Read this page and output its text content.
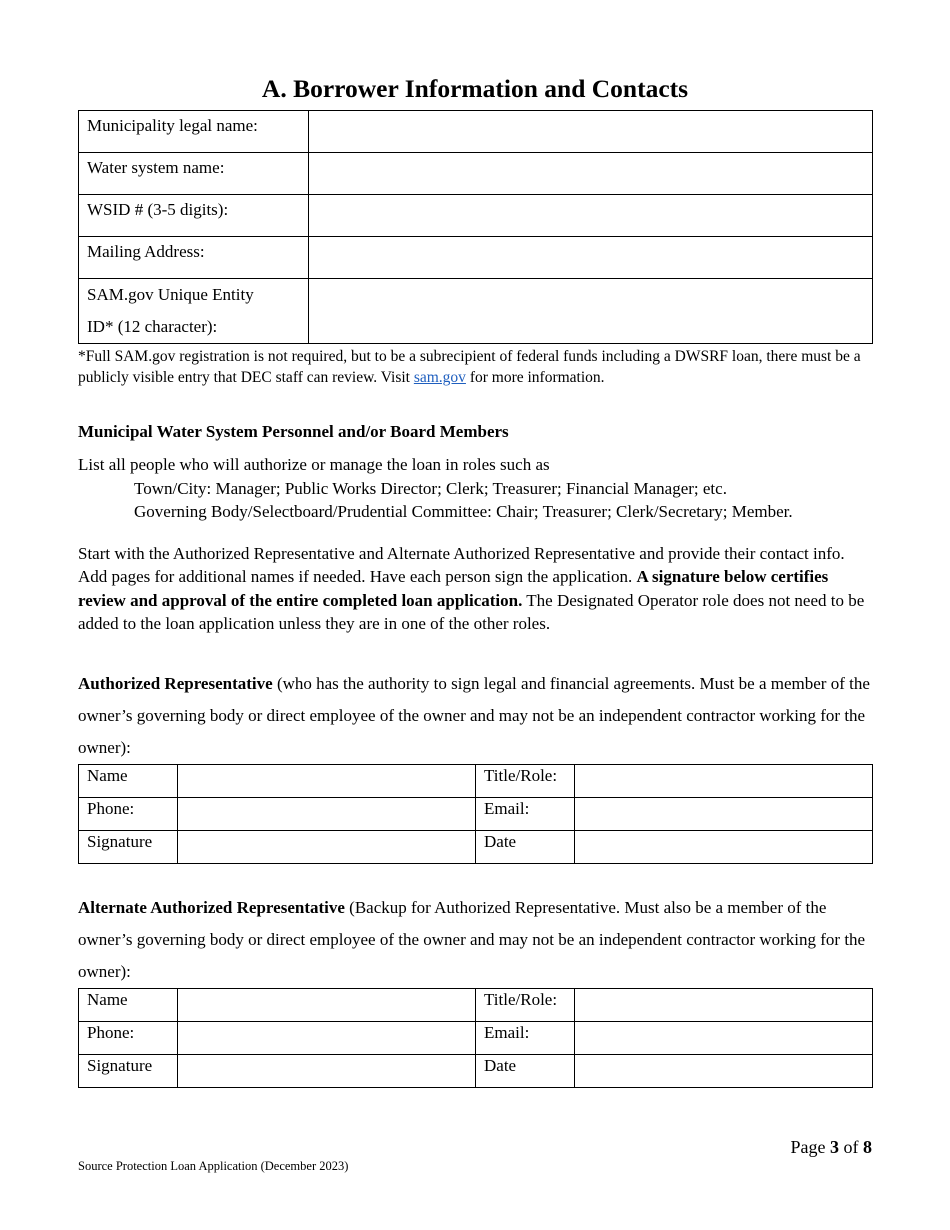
A. Borrower Information and Contacts
Municipality legal name:	
Water system name:	
WSID # (3-5 digits):	
Mailing Address:	

SAM.gov Unique Entity
ID* (12 character):	

*Full SAM.gov registration is not required, but to be a subrecipient of federal funds including a DWSRF loan, there must be a publicly visible entry that DEC staff can review. Visit sam.gov for more information.

Municipal Water System Personnel and/or Board Members

List all people who will authorize or manage the loan in roles such as

Town/City: Manager; Public Works Director; Clerk; Treasurer; Financial Manager; etc.

Governing Body/Selectboard/Prudential Committee: Chair; Treasurer; Clerk/Secretary; Member.

Start with the Authorized Representative and Alternate Authorized Representative and provide their contact info. Add pages for additional names if needed. Have each person sign the application. A signature below certifies review and approval of the entire completed loan application. The Designated Operator role does not need to be added to the loan application unless they are in one of the other roles.

Authorized Representative (who has the authority to sign legal and financial agreements. Must be a member of the owner’s governing body or direct employee of the owner and may not be an independent contractor working for the owner):

Name		Title/Role:	
Phone:		Email:	
Signature		Date	

Alternate Authorized Representative (Backup for Authorized Representative. Must also be a member of the owner’s governing body or direct employee of the owner and may not be an independent contractor working for the owner):

Name		Title/Role:	
Phone:		Email:	
Signature		Date	
Page 3 of 8
Source Protection Loan Application (December 2023)
